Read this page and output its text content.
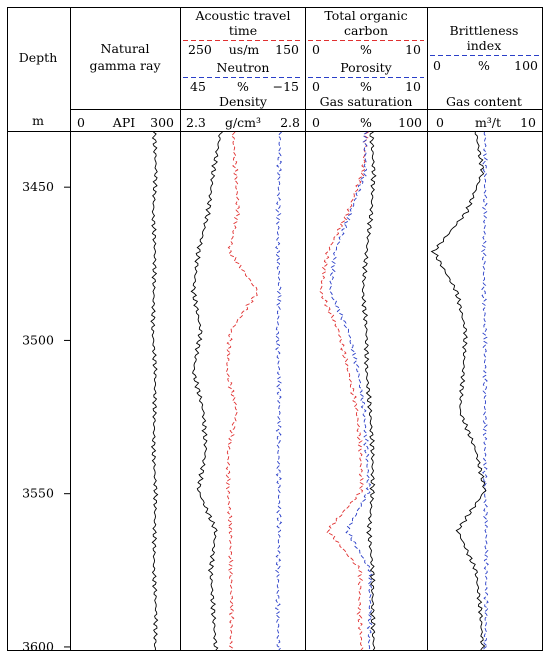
Depth
m
Natural
gamma ray
0 API 300
Acoustic travel
time
250 us/m 150
Neutron
45 % −15
Density
2.3 g/cm³ 2.8
Total organic
carbon
0	%	10
Porosity
0	%	10
Gas saturation
0	% 100
Brittleness
index
0	% 100
Gas content
0 m³/t 10
3450
3500
3550
3600
